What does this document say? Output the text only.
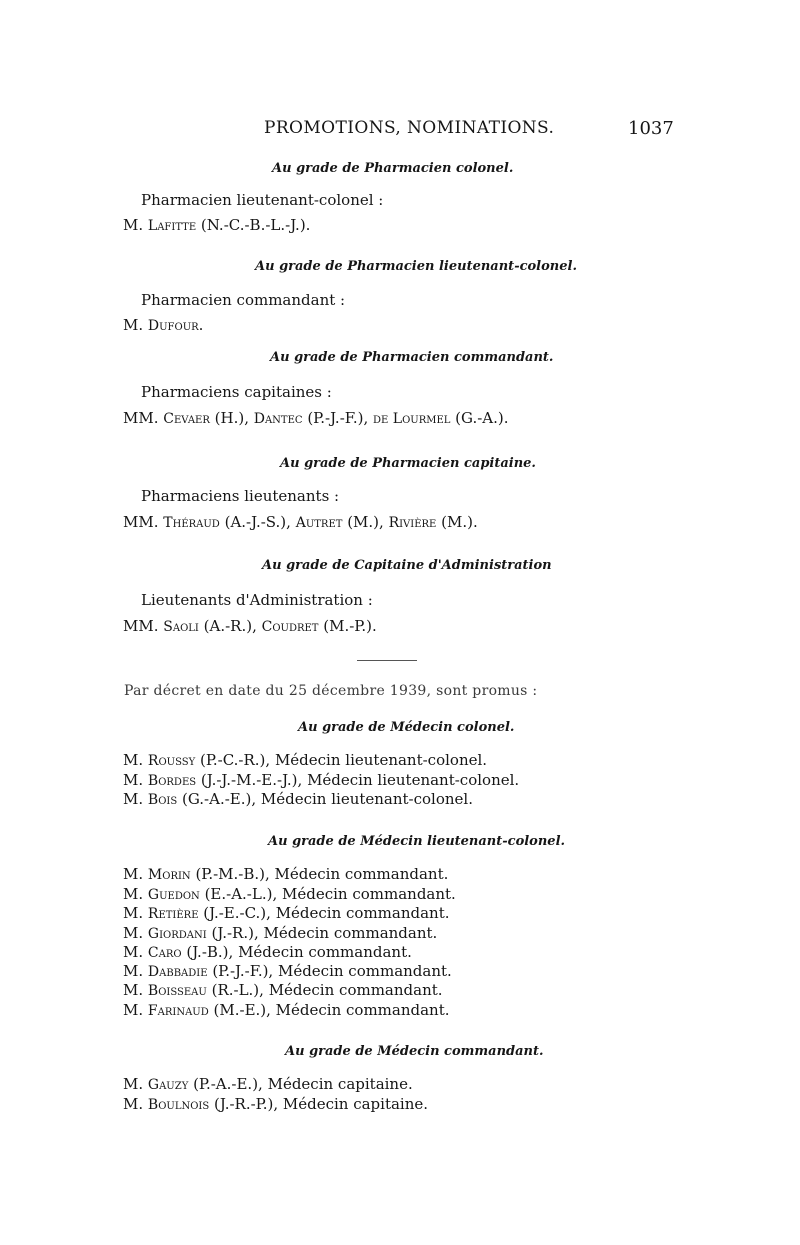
PROMOTIONS, NOMINATIONS.	1037
Au grade de Pharmacien colonel.
Pharmacien lieutenant-colonel :
M. Lafitte (N.-C.-B.-L.-J.).
Au grade de Pharmacien lieutenant-colonel.
Pharmacien commandant :
M. Dufour.
Au grade de Pharmacien commandant.
Pharmaciens capitaines :
MM. Cevaer (H.), Dantec (P.-J.-F.), de Lourmel (G.-A.).
Au grade de Pharmacien capitaine.
Pharmaciens lieutenants :
MM. Théraud (A.-J.-S.), Autret (M.), Rivière (M.).
Au grade de Capitaine d'Administration
Lieutenants d'Administration :
MM. Saoli (A.-R.), Coudret (M.-P.).
Par décret en date du 25 décembre 1939, sont promus :
Au grade de Médecin colonel.
M. Roussy (P.-C.-R.), Médecin lieutenant-colonel.
M. Bordes (J.-J.-M.-E.-J.), Médecin lieutenant-colonel.
M. Bois (G.-A.-E.), Médecin lieutenant-colonel.
Au grade de Médecin lieutenant-colonel.
M. Morin (P.-M.-B.), Médecin commandant.
M. Guedon (E.-A.-L.), Médecin commandant.
M. Retière (J.-E.-C.), Médecin commandant.
M. Giordani (J.-R.), Médecin commandant.
M. Caro (J.-B.), Médecin commandant.
M. Dabbadie (P.-J.-F.), Médecin commandant.
M. Boisseau (R.-L.), Médecin commandant.
M. Farinaud (M.-E.), Médecin commandant.
Au grade de Médecin commandant.
M. Gauzy (P.-A.-E.), Médecin capitaine.
M. Boulnois (J.-R.-P.), Médecin capitaine.
